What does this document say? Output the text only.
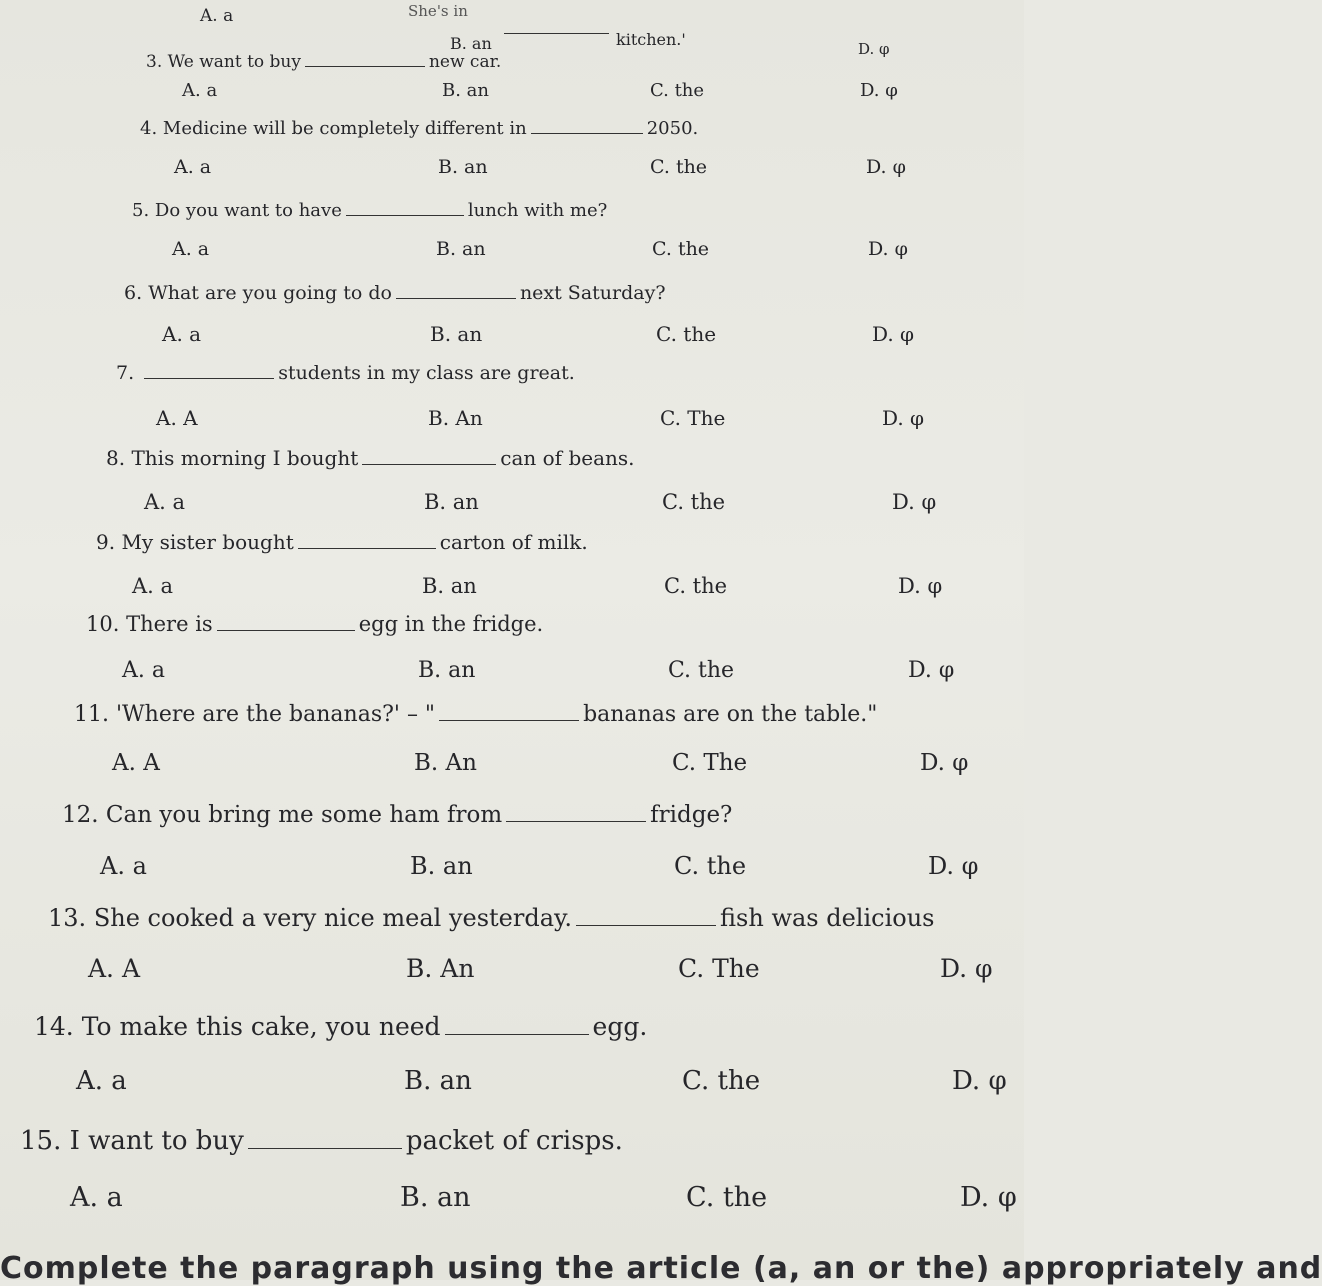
A. a	She's in
B. an	kitchen.'	D. φ
3. We want to buy	new car.
A. a	B. an	C. the	D. φ
4. Medicine will be completely different in	2050.
A. a	B. an	C. the	D. φ
5. Do you want to have	lunch with me?
A. a	B. an	C. the	D. φ
6. What are you going to do	next Saturday?
A. a	B. an	C. the	D. φ
7.	students in my class are great.
A. A	B. An	C. The	D. φ
8. This morning I bought	can of beans.
A. a	B. an	C. the	D. φ
9. My sister bought	carton of milk.
A. a	B. an	C. the	D. φ
10. There is	egg in the fridge.
A. a	B. an	C. the	D. φ
11. 'Where are the bananas?' – "	bananas are on the table."
A. A	B. An	C. The	D. φ
12. Can you bring me some ham from	fridge?
A. a	B. an	C. the	D. φ
13. She cooked a very nice meal yesterday.	fish was delicious
A. A	B. An	C. The	D. φ
14. To make this cake, you need	egg.
A. a	B. an	C. the	D. φ
15. I want to buy	packet of crisps.
A. a	B. an	C. the	D. φ
Complete the paragraph using the article (a, an or the) appropriately and
